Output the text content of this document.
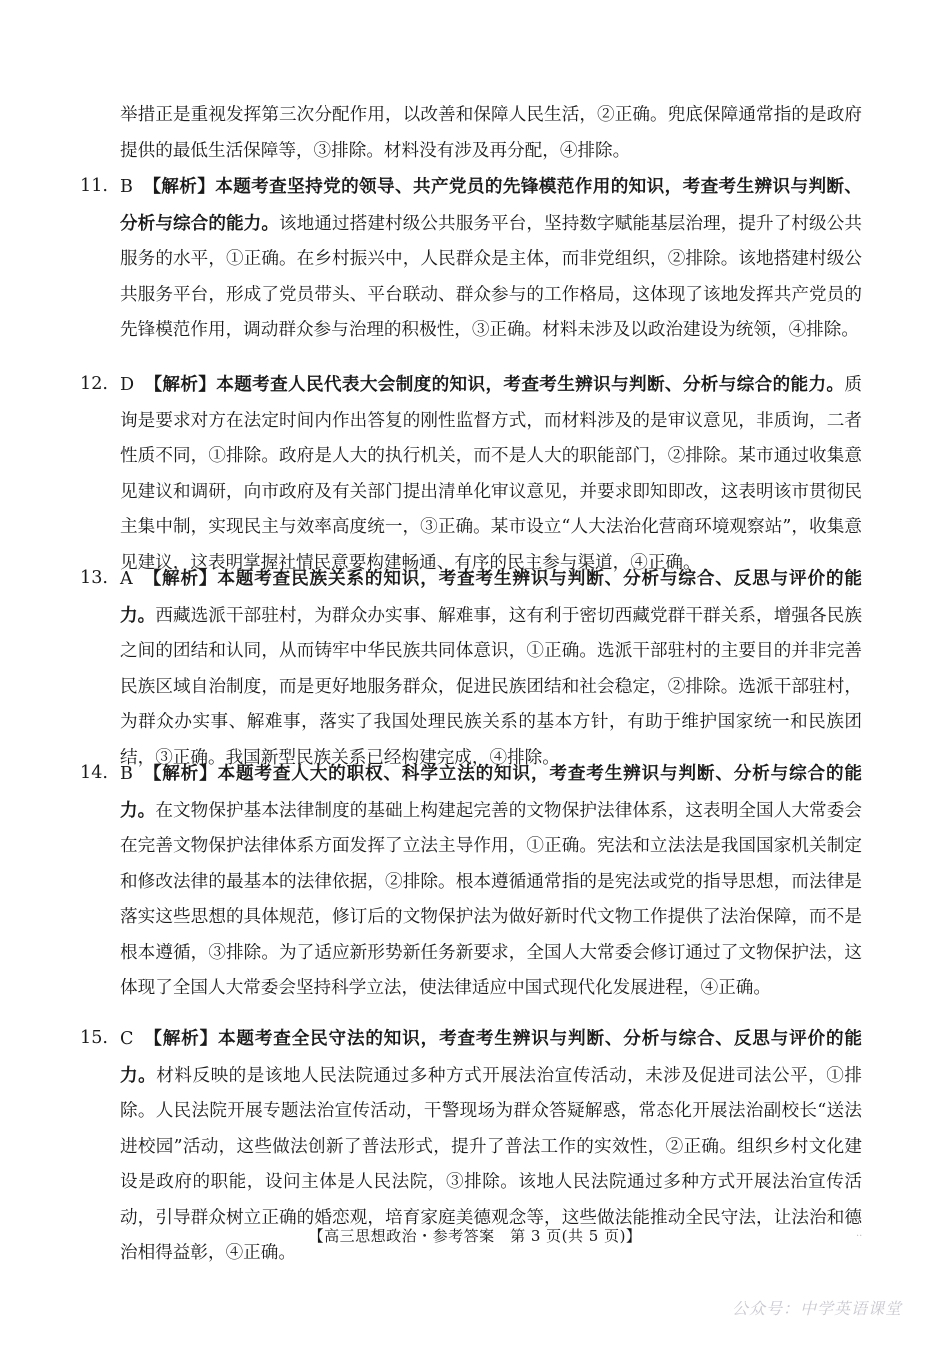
举措正是重视发挥第三次分配作用，以改善和保障人民生活，②正确。兜底保障通常指的是政府提供的最低生活保障等，③排除。材料没有涉及再分配，④排除。
11. B 【解析】本题考查坚持党的领导、共产党员的先锋模范作用的知识，考查考生辨识与判断、分析与综合的能力。该地通过搭建村级公共服务平台，坚持数字赋能基层治理，提升了村级公共服务的水平，①正确。在乡村振兴中，人民群众是主体，而非党组织，②排除。该地搭建村级公共服务平台，形成了党员带头、平台联动、群众参与的工作格局，这体现了该地发挥共产党员的先锋模范作用，调动群众参与治理的积极性，③正确。材料未涉及以政治建设为统领，④排除。
12. D 【解析】本题考查人民代表大会制度的知识，考查考生辨识与判断、分析与综合的能力。质询是要求对方在法定时间内作出答复的刚性监督方式，而材料涉及的是审议意见，非质询，二者性质不同，①排除。政府是人大的执行机关，而不是人大的职能部门，②排除。某市通过收集意见建议和调研，向市政府及有关部门提出清单化审议意见，并要求即知即改，这表明该市贯彻民主集中制，实现民主与效率高度统一，③正确。某市设立“人大法治化营商环境观察站”，收集意见建议，这表明掌握社情民意要构建畅通、有序的民主参与渠道，④正确。
13. A 【解析】本题考查民族关系的知识，考查考生辨识与判断、分析与综合、反思与评价的能力。西藏选派干部驻村，为群众办实事、解难事，这有利于密切西藏党群干群关系，增强各民族之间的团结和认同，从而铸牢中华民族共同体意识，①正确。选派干部驻村的主要目的并非完善民族区域自治制度，而是更好地服务群众，促进民族团结和社会稳定，②排除。选派干部驻村，为群众办实事、解难事，落实了我国处理民族关系的基本方针，有助于维护国家统一和民族团结，③正确。我国新型民族关系已经构建完成，④排除。
14. B 【解析】本题考查人大的职权、科学立法的知识，考查考生辨识与判断、分析与综合的能力。在文物保护基本法律制度的基础上构建起完善的文物保护法律体系，这表明全国人大常委会在完善文物保护法律体系方面发挥了立法主导作用，①正确。宪法和立法法是我国国家机关制定和修改法律的最基本的法律依据，②排除。根本遵循通常指的是宪法或党的指导思想，而法律是落实这些思想的具体规范，修订后的文物保护法为做好新时代文物工作提供了法治保障，而不是根本遵循，③排除。为了适应新形势新任务新要求，全国人大常委会修订通过了文物保护法，这体现了全国人大常委会坚持科学立法，使法律适应中国式现代化发展进程，④正确。
15. C 【解析】本题考查全民守法的知识，考查考生辨识与判断、分析与综合、反思与评价的能力。材料反映的是该地人民法院通过多种方式开展法治宣传活动，未涉及促进司法公平，①排除。人民法院开展专题法治宣传活动，干警现场为群众答疑解惑，常态化开展法治副校长“送法进校园”活动，这些做法创新了普法形式，提升了普法工作的实效性，②正确。组织乡村文化建设是政府的职能，设问主体是人民法院，③排除。该地人民法院通过多种方式开展法治宣传活动，引导群众树立正确的婚恋观，培育家庭美德观念等，这些做法能推动全民守法，让法治和德治相得益彰，④正确。
【高三思想政治・参考答案　第 3 页(共 5 页)】	..
公众号：中学英语课堂
